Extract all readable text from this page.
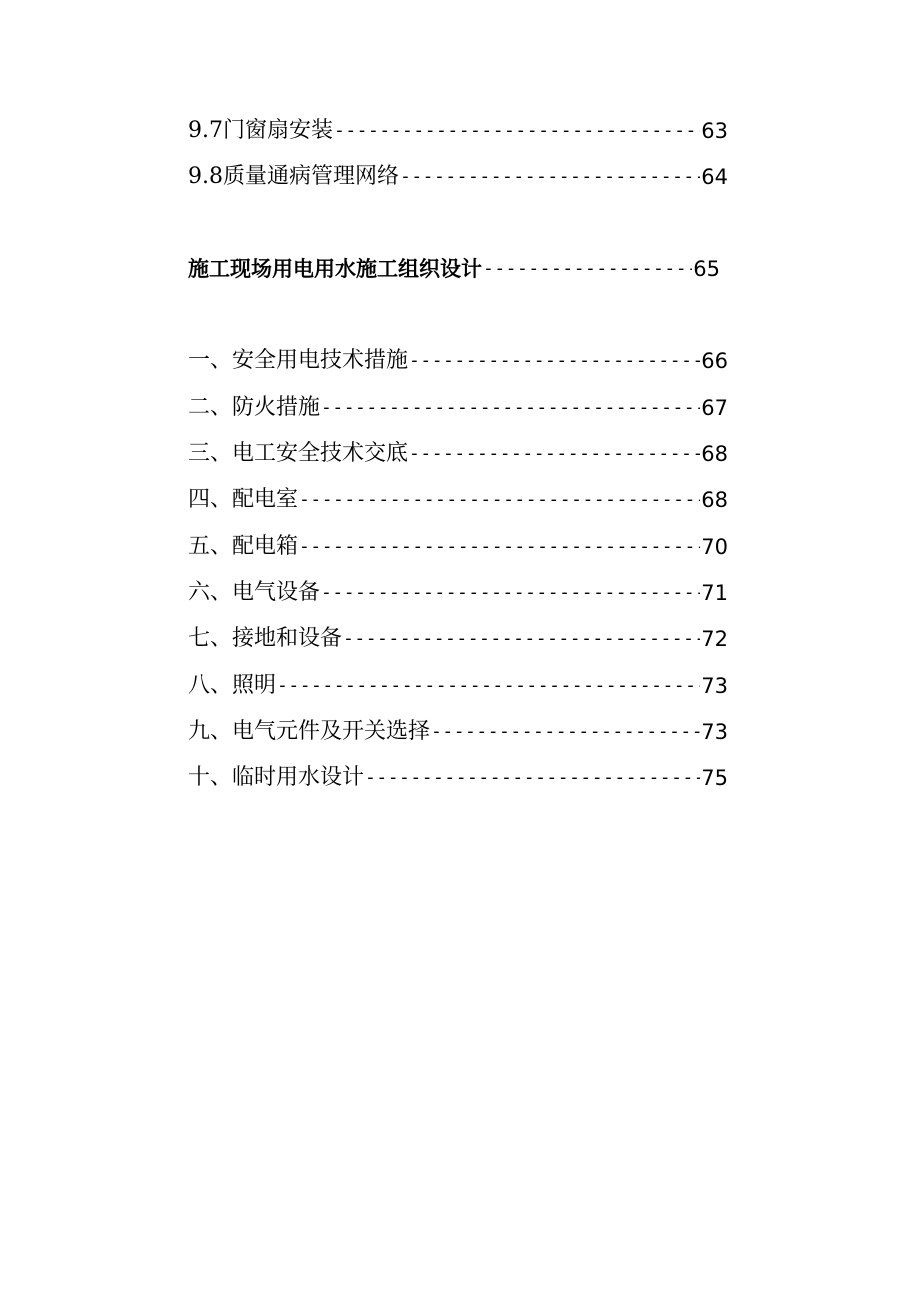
9.7门窗扇安装 -----	63
9.8质量通病管理网络 -----	64
施工现场用电用水施工组织设计 -----	65
一、安全用电技术措施 -----	66
二、防火措施 -----	67
三、电工安全技术交底 -----	68
四、配电室 -----	68
五、配电箱 -----	70
六、电气设备 -----	71
七、接地和设备 -----	72
八、照明 -----	73
九、电气元件及开关选择 -----	73
十、临时用水设计 -----	75
